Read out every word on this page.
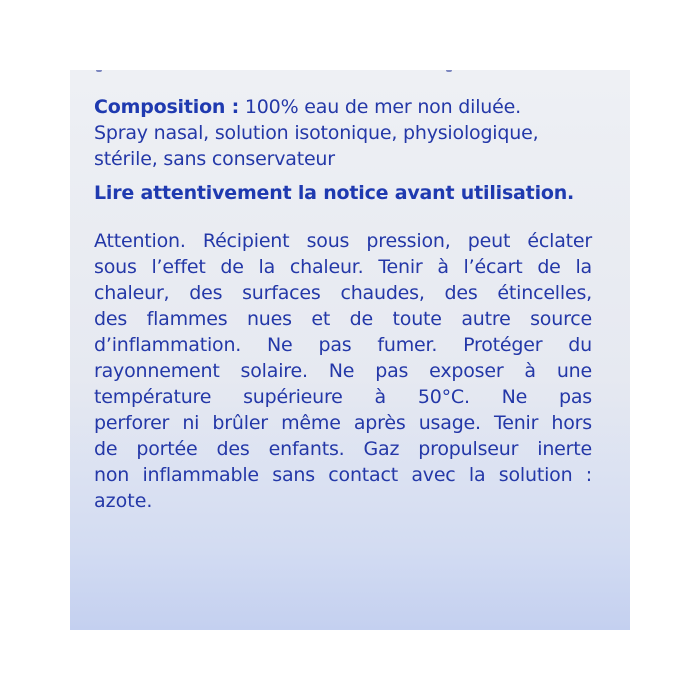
Composition : 100% eau de mer non diluée.
Spray nasal, solution isotonique, physiologique,
stérile, sans conservateur
Lire attentivement la notice avant utilisation.
Attention. Récipient sous pression, peut éclater
sous l’effet de la chaleur. Tenir à l’écart de la
chaleur, des surfaces chaudes, des étincelles,
des flammes nues et de toute autre source
d’inflammation. Ne pas fumer. Protéger du
rayonnement solaire. Ne pas exposer à une
température supérieure à 50°C. Ne pas
perforer ni brûler même après usage. Tenir hors
de portée des enfants. Gaz propulseur inerte
non inflammable sans contact avec la solution :
azote.
